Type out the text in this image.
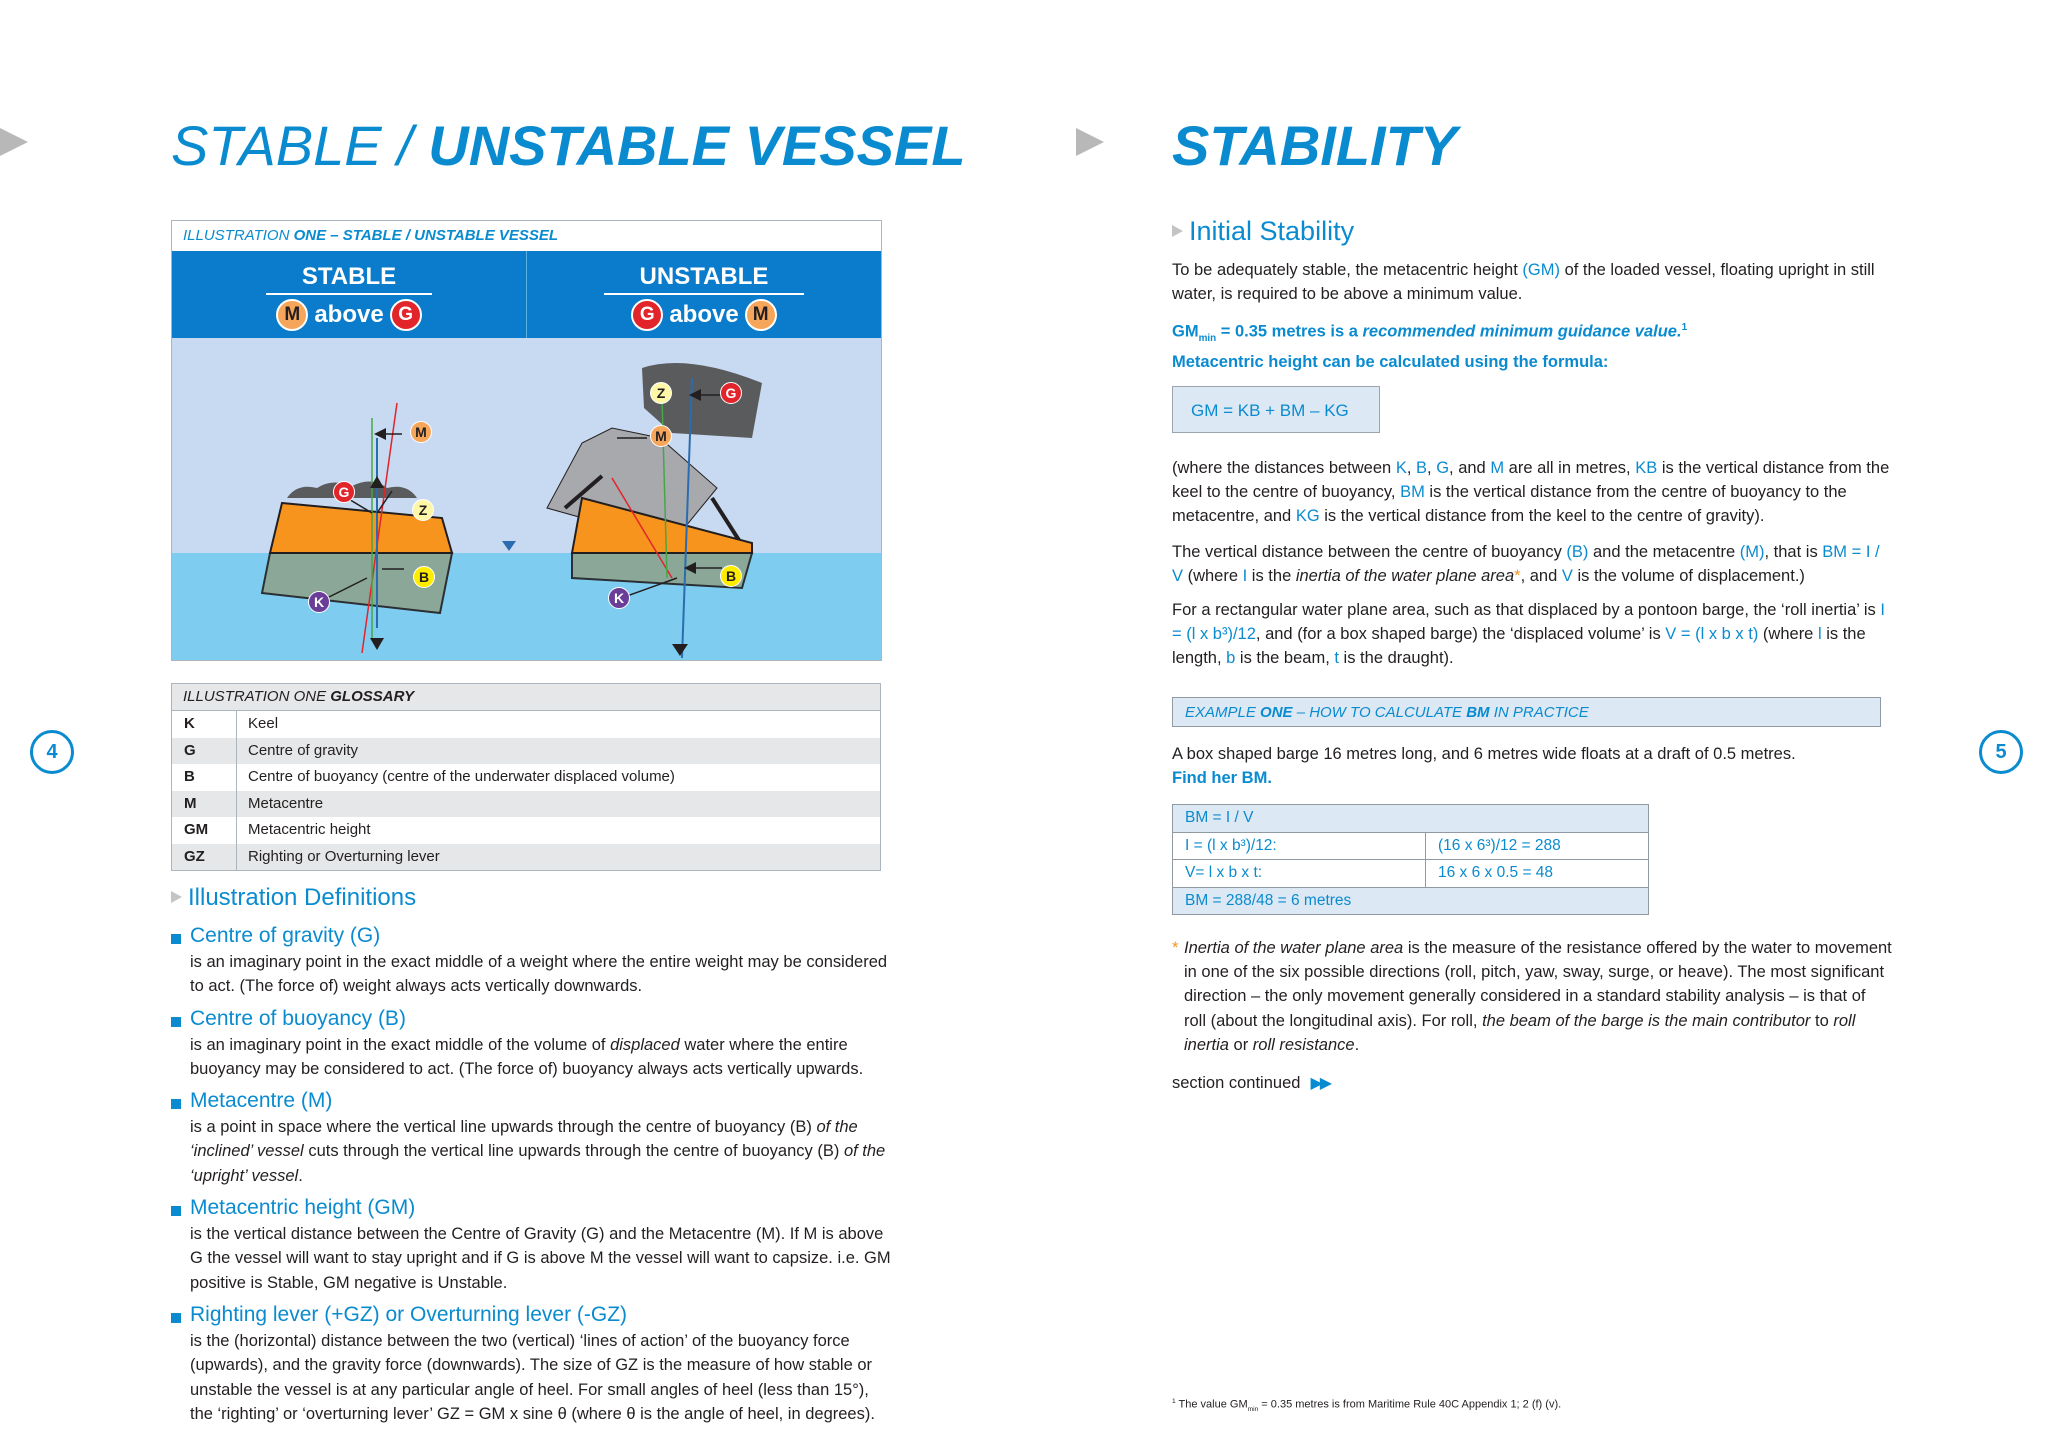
STABLE / UNSTABLE VESSEL
4
ILLUSTRATION ONE – STABLE / UNSTABLE VESSEL
STABLE
M above G
UNSTABLE
G above M
M
G
Z
B
K
Z	G
M
B
K
ILLUSTRATION ONE GLOSSARY
K	Keel
G	Centre of gravity
B	Centre of buoyancy (centre of the underwater displaced volume)
M	Metacentre
GM	Metacentric height
GZ	Righting or Overturning lever
Illustration Definitions
Centre of gravity (G)
is an imaginary point in the exact middle of a weight where the entire weight may be considered to act. (The force of) weight always acts vertically downwards.
Centre of buoyancy (B)
is an imaginary point in the exact middle of the volume of displaced water where the entire buoyancy may be considered to act. (The force of) buoyancy always acts vertically upwards.
Metacentre (M)
is a point in space where the vertical line upwards through the centre of buoyancy (B) of the ‘inclined’ vessel cuts through the vertical line upwards through the centre of buoyancy (B) of the ‘upright’ vessel.
Metacentric height (GM)
is the vertical distance between the Centre of Gravity (G) and the Metacentre (M). If M is above G the vessel will want to stay upright and if G is above M the vessel will want to capsize. i.e. GM positive is Stable, GM negative is Unstable.
Righting lever (+GZ) or Overturning lever (-GZ)
is the (horizontal) distance between the two (vertical) ‘lines of action’ of the buoyancy force (upwards), and the gravity force (downwards). The size of GZ is the measure of how stable or unstable the vessel is at any particular angle of heel. For small angles of heel (less than 15°), the ‘righting’ or ‘overturning lever’ GZ = GM x sine θ (where θ is the angle of heel, in degrees).
STABILITY
5
Initial Stability
To be adequately stable, the metacentric height (GM) of the loaded vessel, floating upright in still water, is required to be above a minimum value.
$GM_{min} = 0.35$ metres is a recommended minimum guidance value.$^1$
Metacentric height can be calculated using the formula:
GM = KB + BM – KG
(where the distances between K, B, G, and M are all in metres, KB is the vertical distance from the keel to the centre of buoyancy, BM is the vertical distance from the centre of buoyancy to the metacentre, and KG is the vertical distance from the keel to the centre of gravity).
The vertical distance between the centre of buoyancy (B) and the metacentre (M), that is BM = I / V (where I is the inertia of the water plane area*, and V is the volume of displacement.)
For a rectangular water plane area, such as that displaced by a pontoon barge, the ‘roll inertia’ is I = (l x b³)/12, and (for a box shaped barge) the ‘displaced volume’ is V = (l x b x t) (where l is the length, b is the beam, t is the draught).
EXAMPLE ONE – HOW TO CALCULATE BM IN PRACTICE
A box shaped barge 16 metres long, and 6 metres wide floats at a draft of 0.5 metres.
Find her BM.
BM = I / V
I = (l x b³)/12:	(16 x 6³)/12 = 288
V= l x b x t:	16 x 6 x 0.5 = 48
BM = 288/48 = 6 metres
* Inertia of the water plane area is the measure of the resistance offered by the water to movement in one of the six possible directions (roll, pitch, yaw, sway, surge, or heave). The most significant direction – the only movement generally considered in a standard stability analysis – is that of roll (about the longitudinal axis). For roll, the beam of the barge is the main contributor to roll inertia or roll resistance.
section continued ▶▶
$^1$ The value $GM_{min} = 0.35$ metres is from Maritime Rule 40C Appendix 1; 2 (f) (v).
